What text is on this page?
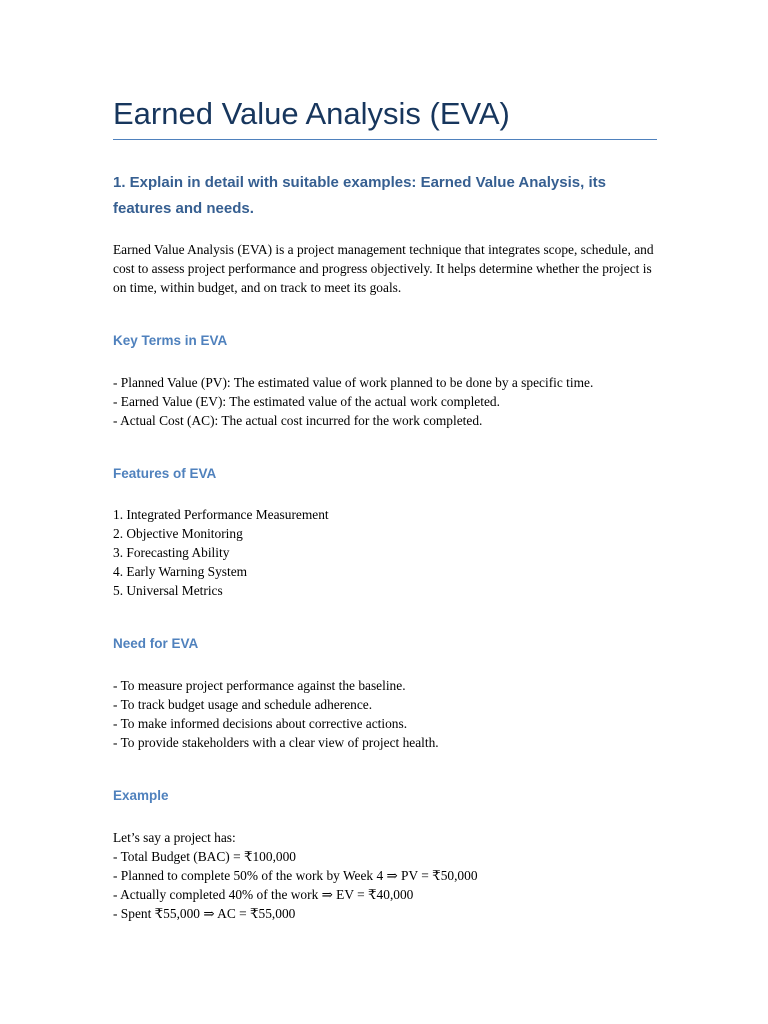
Earned Value Analysis (EVA)
1. Explain in detail with suitable examples: Earned Value Analysis, its features and needs.

Earned Value Analysis (EVA) is a project management technique that integrates scope, schedule, and cost to assess project performance and progress objectively. It helps determine whether the project is on time, within budget, and on track to meet its goals.

Key Terms in EVA
- Planned Value (PV): The estimated value of work planned to be done by a specific time.
- Earned Value (EV): The estimated value of the actual work completed.
- Actual Cost (AC): The actual cost incurred for the work completed.
Features of EVA
1. Integrated Performance Measurement
2. Objective Monitoring
3. Forecasting Ability
4. Early Warning System
5. Universal Metrics
Need for EVA
- To measure project performance against the baseline.
- To track budget usage and schedule adherence.
- To make informed decisions about corrective actions.
- To provide stakeholders with a clear view of project health.
Example
Let’s say a project has:
- Total Budget (BAC) = ₹100,000
- Planned to complete 50% of the work by Week 4 ⇒ PV = ₹50,000
- Actually completed 40% of the work ⇒ EV = ₹40,000
- Spent ₹55,000 ⇒ AC = ₹55,000
